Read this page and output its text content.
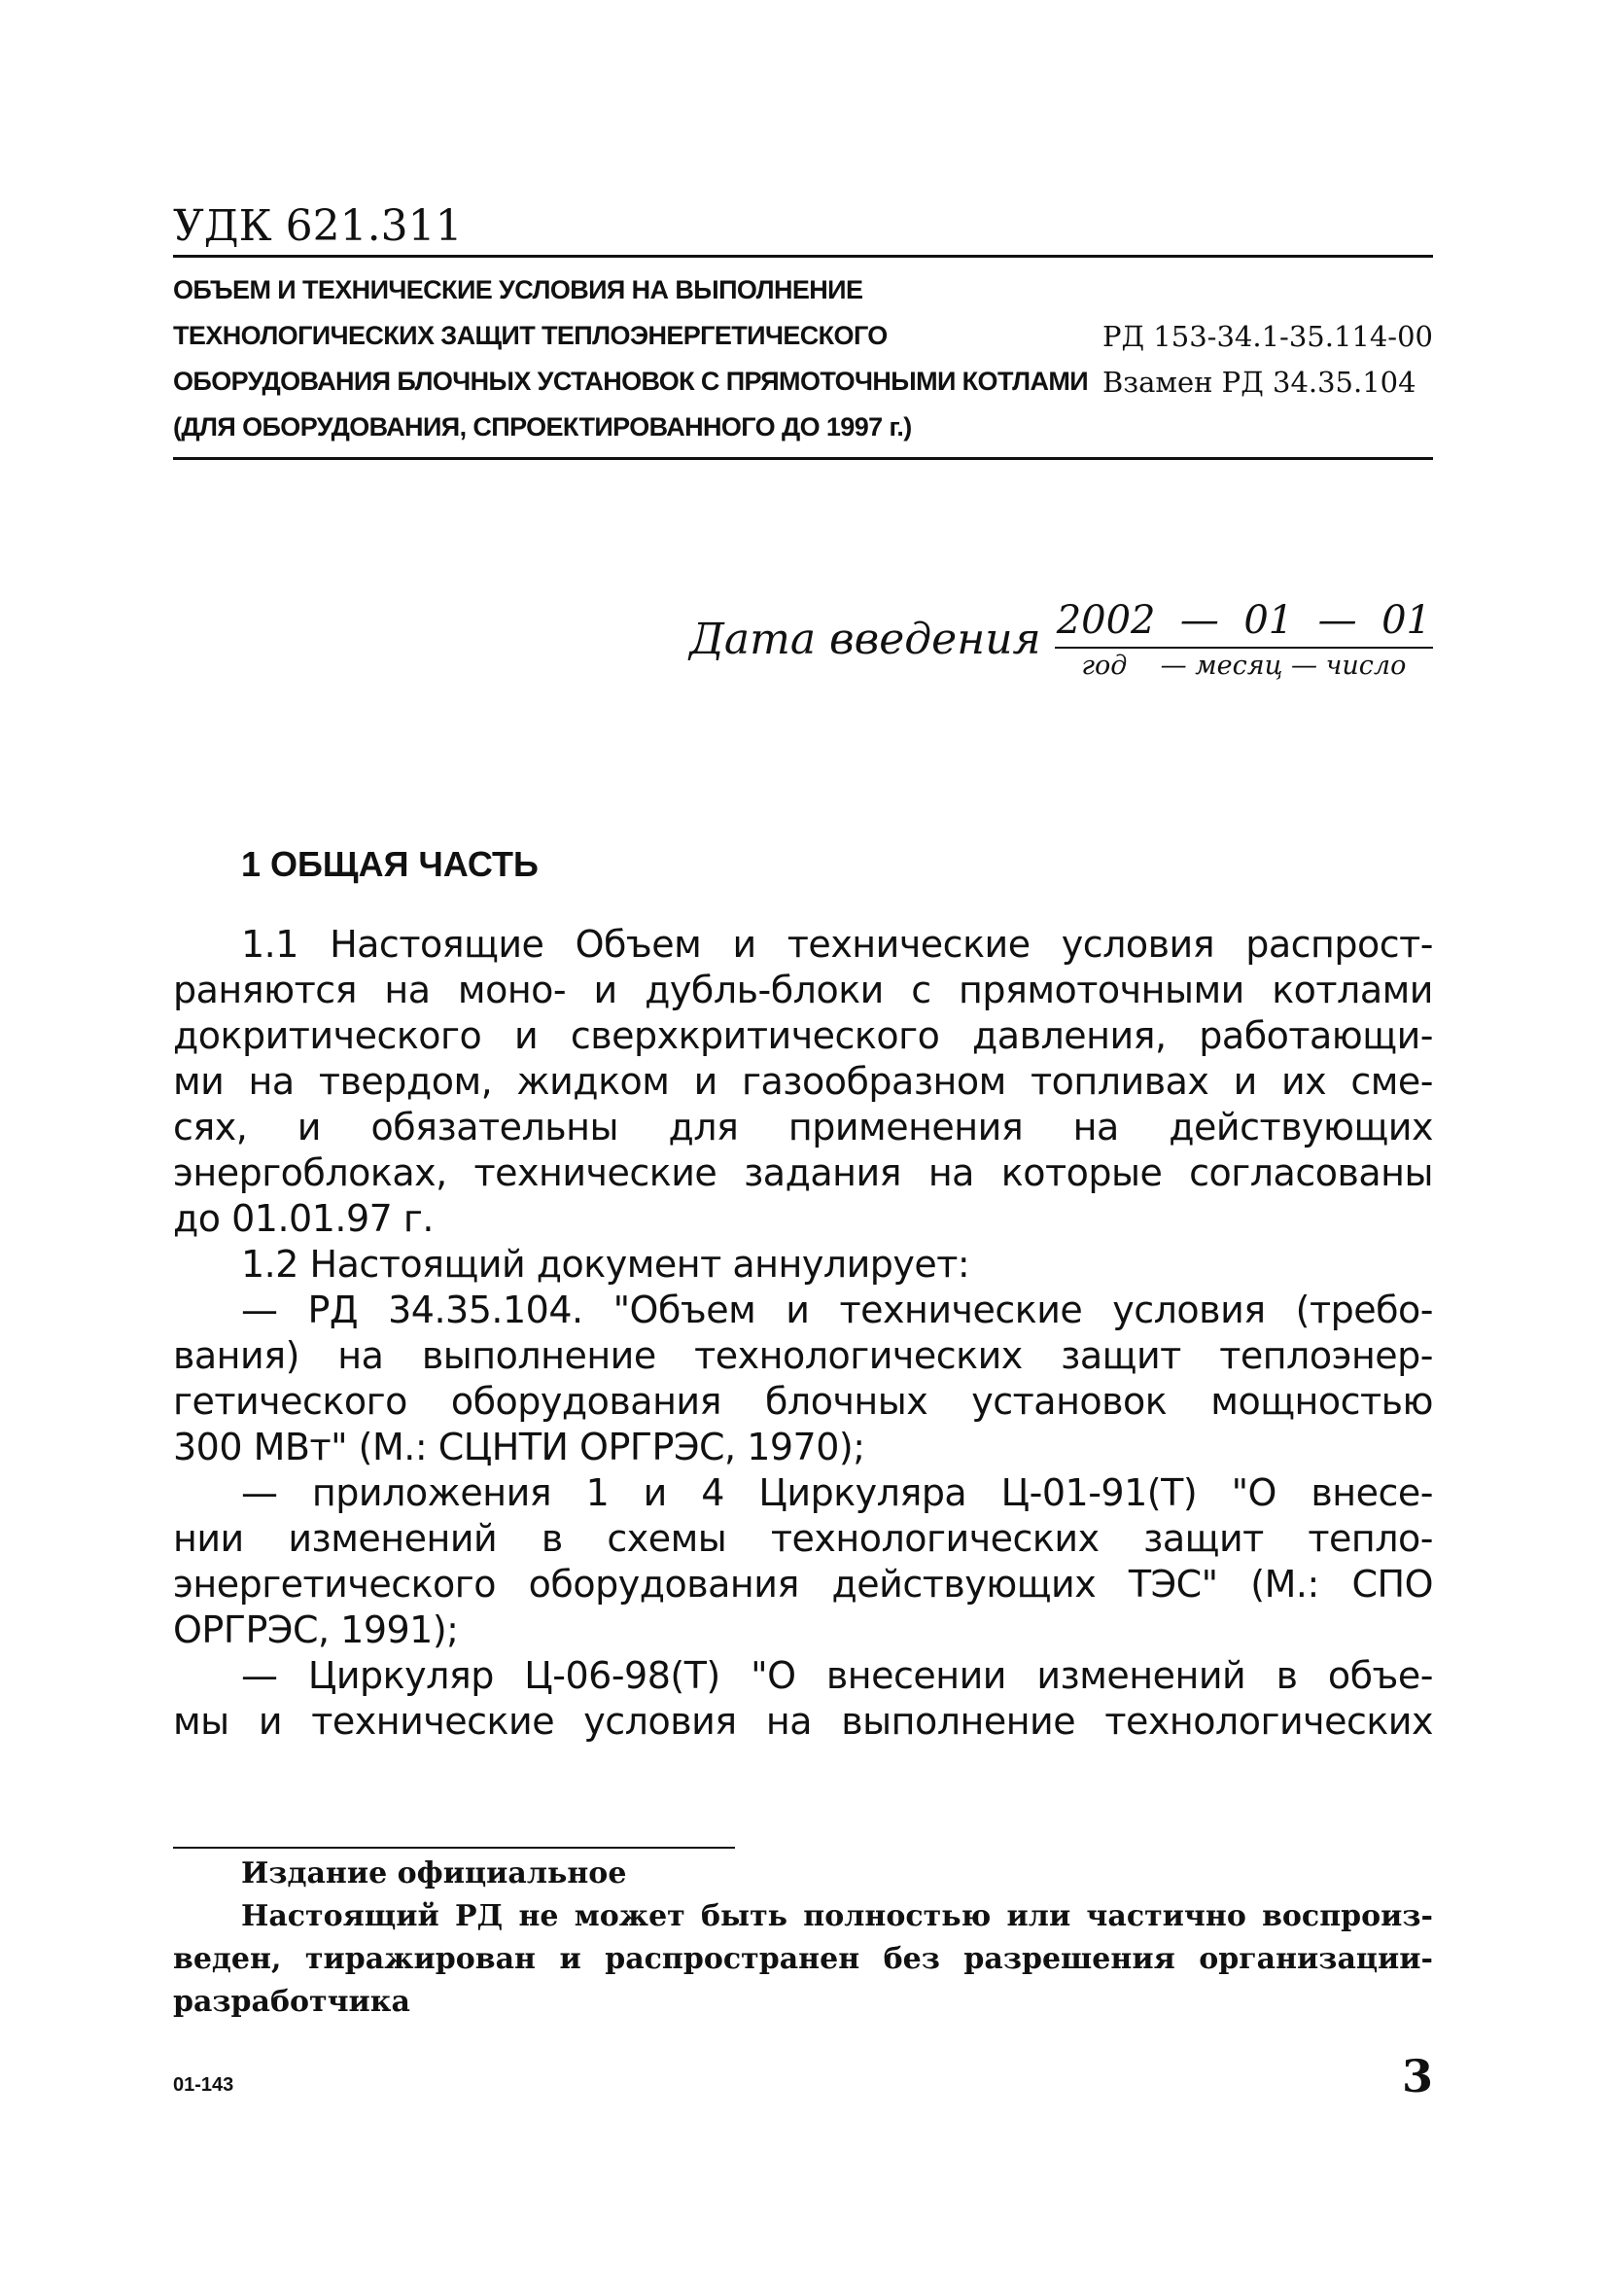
УДК 621.311
ОБЪЕМ И ТЕХНИЧЕСКИЕ УСЛОВИЯ НА ВЫПОЛНЕНИЕ
ТЕХНОЛОГИЧЕСКИХ ЗАЩИТ ТЕПЛОЭНЕРГЕТИЧЕСКОГО
ОБОРУДОВАНИЯ БЛОЧНЫХ УСТАНОВОК С ПРЯМОТОЧНЫМИ КОТЛАМИ
(ДЛЯ ОБОРУДОВАНИЯ, СПРОЕКТИРОВАННОГО ДО 1997 г.)
РД 153-34.1-35.114-00
Взамен РД 34.35.104
Дата введения $\frac{2002 — 01 — 01}{\text{год    — месяц — число}}$
1 ОБЩАЯ ЧАСТЬ
1.1 Настоящие Объем и технические условия распрост-
раняются на моно- и дубль-блоки с прямоточными котлами
докритического и сверхкритического давления, работающи-
ми на твердом, жидком и газообразном топливах и их сме-
сях, и обязательны для применения на действующих
энергоблоках, технические задания на которые согласованы
до 01.01.97 г.
1.2 Настоящий документ аннулирует:
— РД 34.35.104. "Объем и технические условия (требо-
вания) на выполнение технологических защит теплоэнер-
гетического оборудования блочных установок мощностью
300 МВт" (М.: СЦНТИ ОРГРЭС, 1970);
— приложения 1 и 4 Циркуляра Ц-01-91(Т) "О внесе-
нии изменений в схемы технологических защит тепло-
энергетического оборудования действующих ТЭС" (М.: СПО
ОРГРЭС, 1991);
— Циркуляр Ц-06-98(Т) "О внесении изменений в объе-
мы и технические условия на выполнение технологических
Издание официальное
Настоящий РД не может быть полностью или частично воспроиз-
веден, тиражирован и распространен без разрешения организации-
разработчика
01-143	3
